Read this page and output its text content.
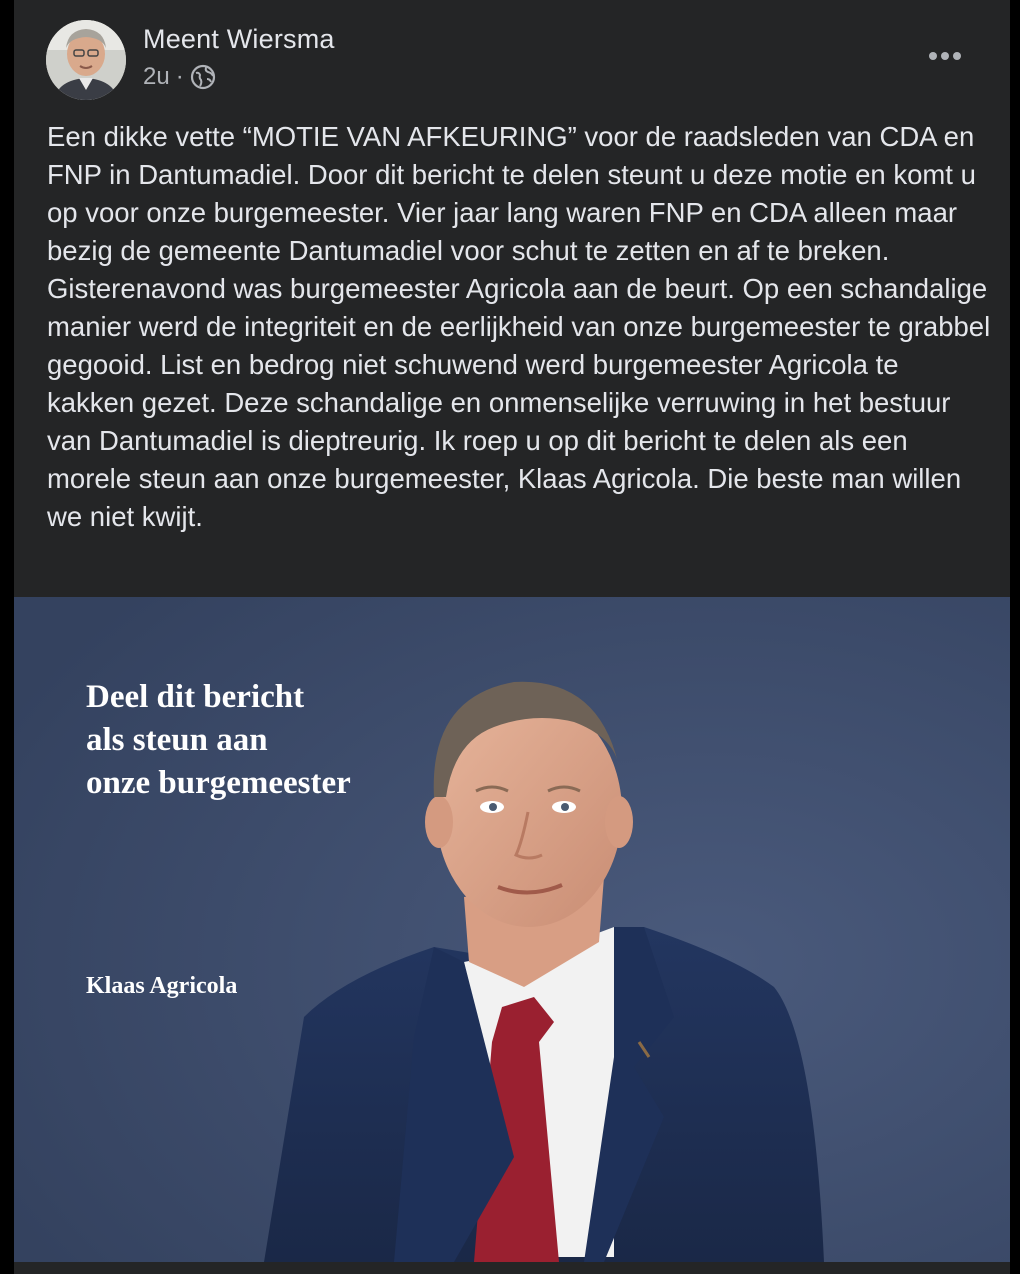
Meent Wiersma
2u ·

Een dikke vette “MOTIE VAN AFKEURING” voor de raadsleden van CDA en FNP in Dantumadiel. Door dit bericht te delen steunt u deze motie en komt u op voor onze burgemeester. Vier jaar lang waren FNP en CDA alleen maar bezig de gemeente Dantumadiel voor schut te zetten en af te breken. Gisterenavond was burgemeester Agricola aan de beurt. Op een schandalige manier werd de integriteit en de eerlijkheid van onze burgemeester te grabbel gegooid. List en bedrog niet schuwend werd burgemeester Agricola te kakken gezet. Deze schandalige en onmenselijke verruwing in het bestuur van Dantumadiel is dieptreurig. Ik roep u op dit bericht te delen als een morele steun aan onze burgemeester, Klaas Agricola. Die beste man willen we niet kwijt.

Deel dit bericht
als steun aan
onze burgemeester
Klaas Agricola
